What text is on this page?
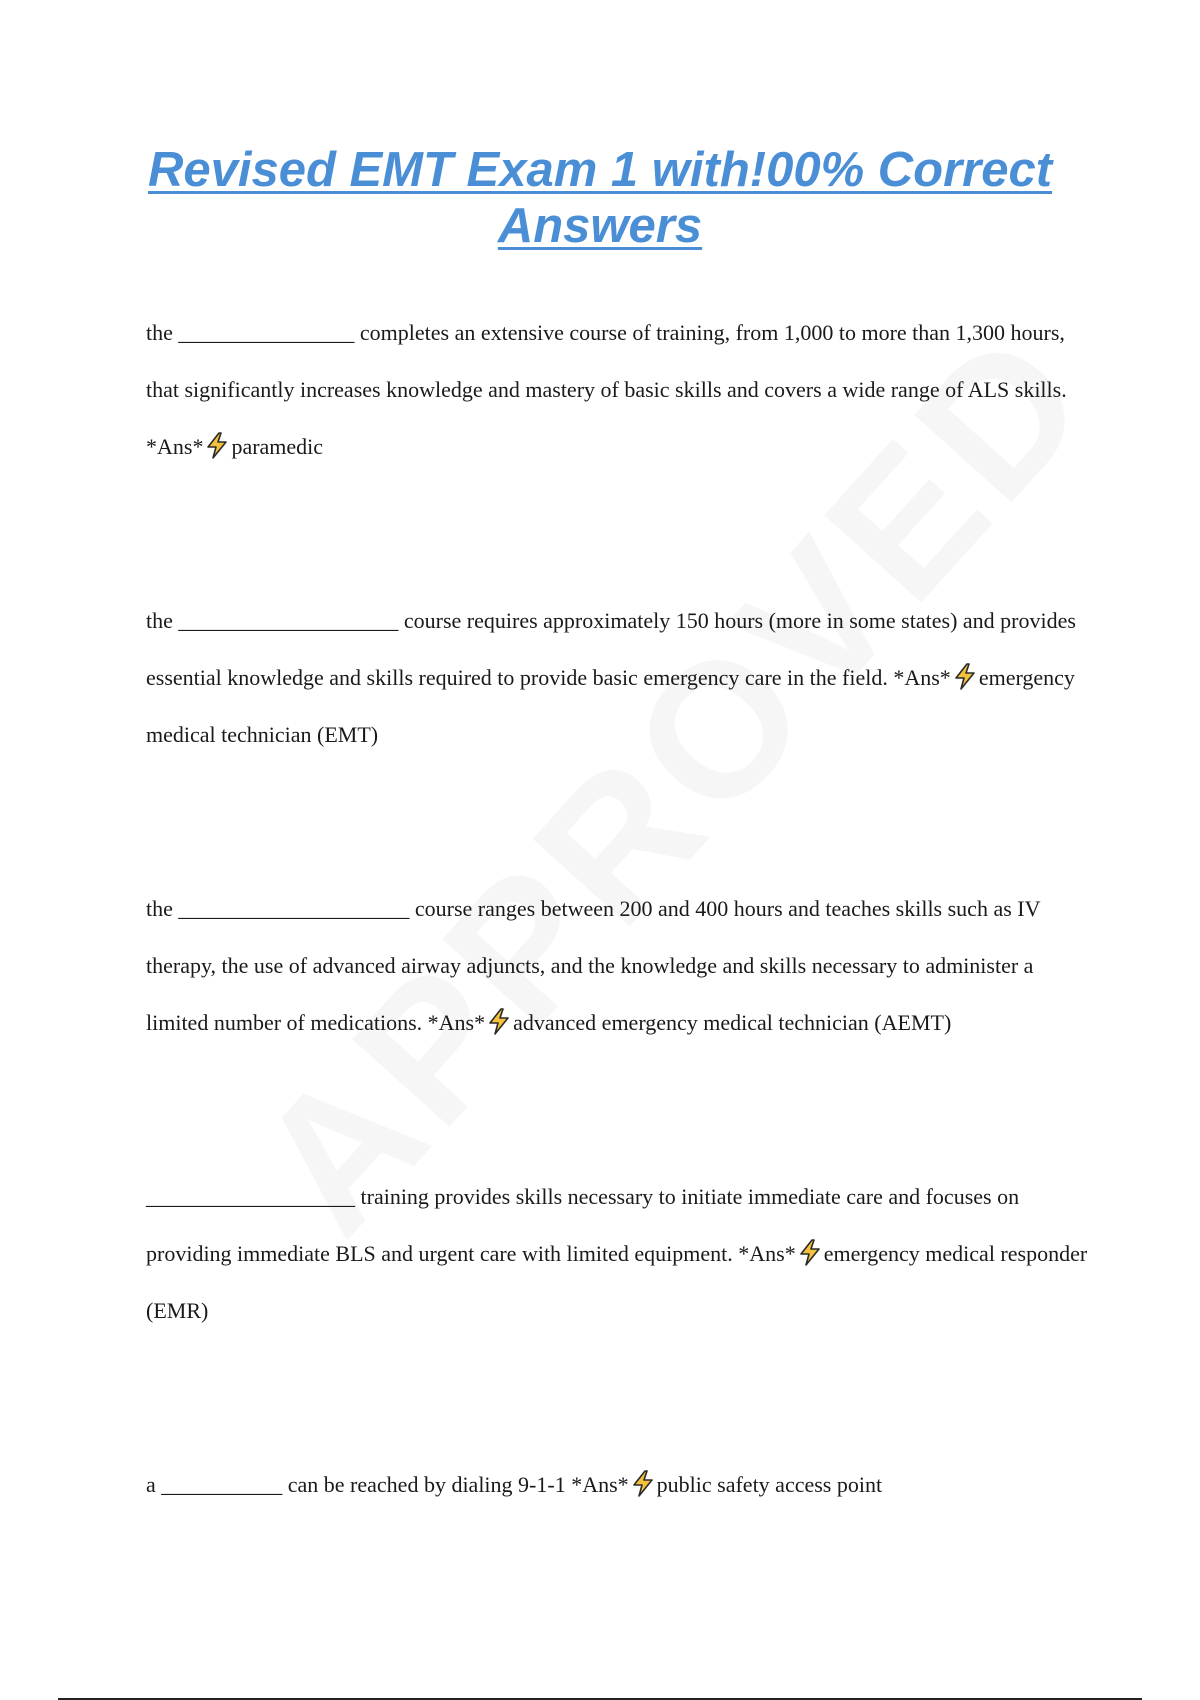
Revised EMT Exam 1 with!00% Correct Answers

the ________________ completes an extensive course of training, from 1,000 to more than 1,300 hours, that significantly increases knowledge and mastery of basic skills and covers a wide range of ALS skills. *Ans* paramedic

the ____________________ course requires approximately 150 hours (more in some states) and provides essential knowledge and skills required to provide basic emergency care in the field. *Ans* emergency medical technician (EMT)

the _____________________ course ranges between 200 and 400 hours and teaches skills such as IV therapy, the use of advanced airway adjuncts, and the knowledge and skills necessary to administer a limited number of medications. *Ans* advanced emergency medical technician (AEMT)

___________________ training provides skills necessary to initiate immediate care and focuses on providing immediate BLS and urgent care with limited equipment. *Ans* emergency medical responder (EMR)

a ___________ can be reached by dialing 9-1-1 *Ans* public safety access point
